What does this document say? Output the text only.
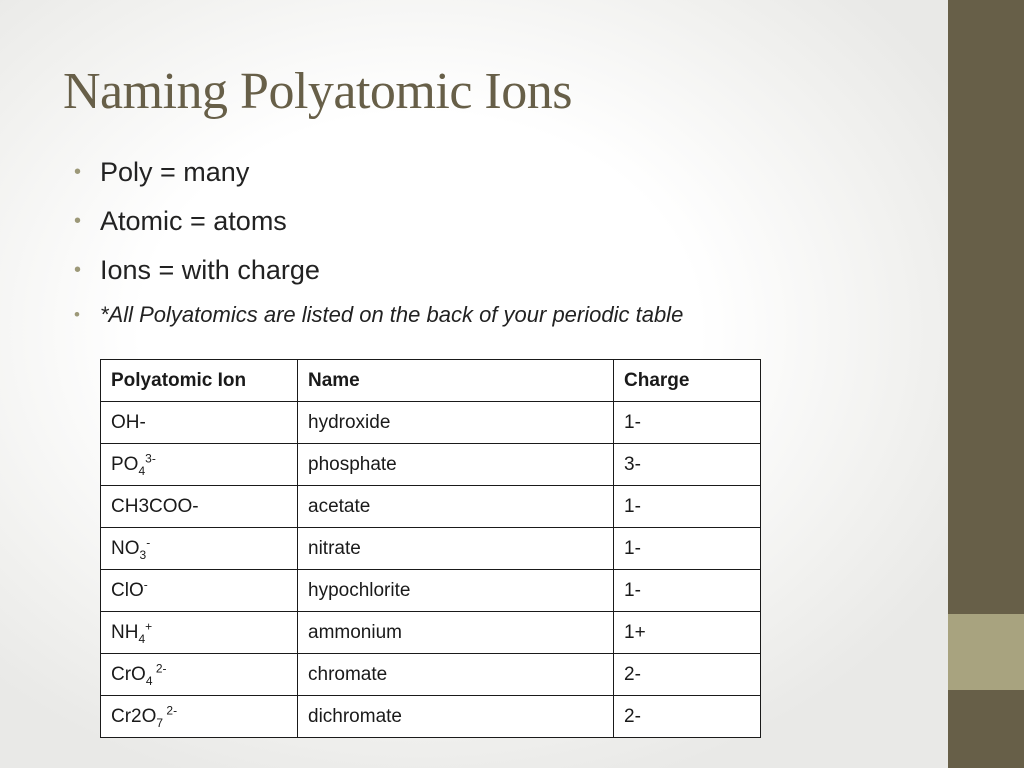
Naming Polyatomic Ions
• Poly = many
• Atomic = atoms
• Ions = with charge
• *All Polyatomics are listed on the back of your periodic table
Polyatomic Ion	Name	Charge
OH-	hydroxide	1-
$PO_4^{3-}$	phosphate	3-
CH3COO-	acetate	1-
$NO_3^-$	nitrate	1-
ClO-	hypochlorite	1-
$NH_4^+$	ammonium	1+
CrO$_4$ $^{2-}$	chromate	2-
$Cr2O_7$ $^{2-}$	dichromate	2-
